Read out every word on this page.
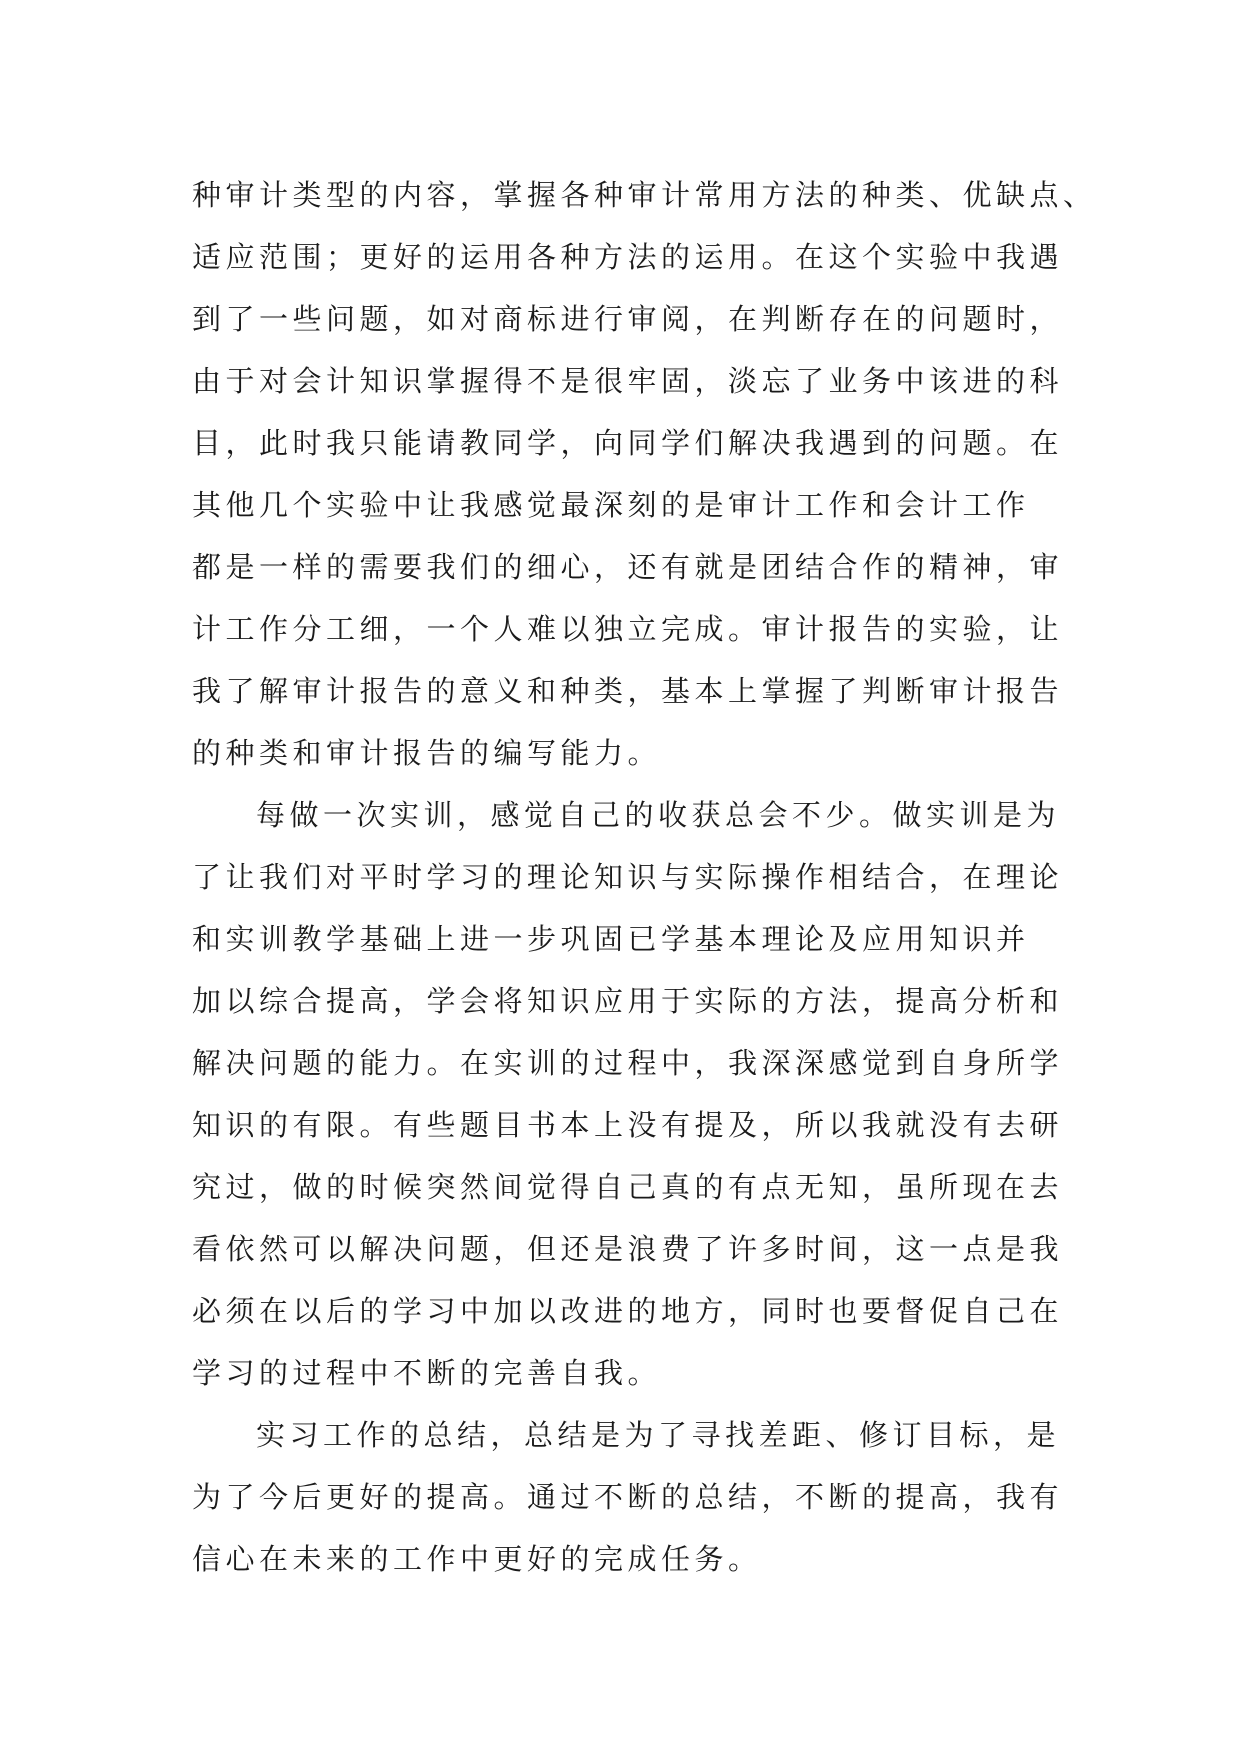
种审计类型的内容，掌握各种审计常用方法的种类、优缺点、
适应范围；更好的运用各种方法的运用。在这个实验中我遇
到了一些问题，如对商标进行审阅，在判断存在的问题时，
由于对会计知识掌握得不是很牢固，淡忘了业务中该进的科
目，此时我只能请教同学，向同学们解决我遇到的问题。在
其他几个实验中让我感觉最深刻的是审计工作和会计工作
都是一样的需要我们的细心，还有就是团结合作的精神，审
计工作分工细，一个人难以独立完成。审计报告的实验，让
我了解审计报告的意义和种类，基本上掌握了判断审计报告
的种类和审计报告的编写能力。
每做一次实训，感觉自己的收获总会不少。做实训是为
了让我们对平时学习的理论知识与实际操作相结合，在理论
和实训教学基础上进一步巩固已学基本理论及应用知识并
加以综合提高，学会将知识应用于实际的方法，提高分析和
解决问题的能力。在实训的过程中，我深深感觉到自身所学
知识的有限。有些题目书本上没有提及，所以我就没有去研
究过，做的时候突然间觉得自己真的有点无知，虽所现在去
看依然可以解决问题，但还是浪费了许多时间，这一点是我
必须在以后的学习中加以改进的地方，同时也要督促自己在
学习的过程中不断的完善自我。
实习工作的总结，总结是为了寻找差距、修订目标，是
为了今后更好的提高。通过不断的总结，不断的提高，我有
信心在未来的工作中更好的完成任务。
